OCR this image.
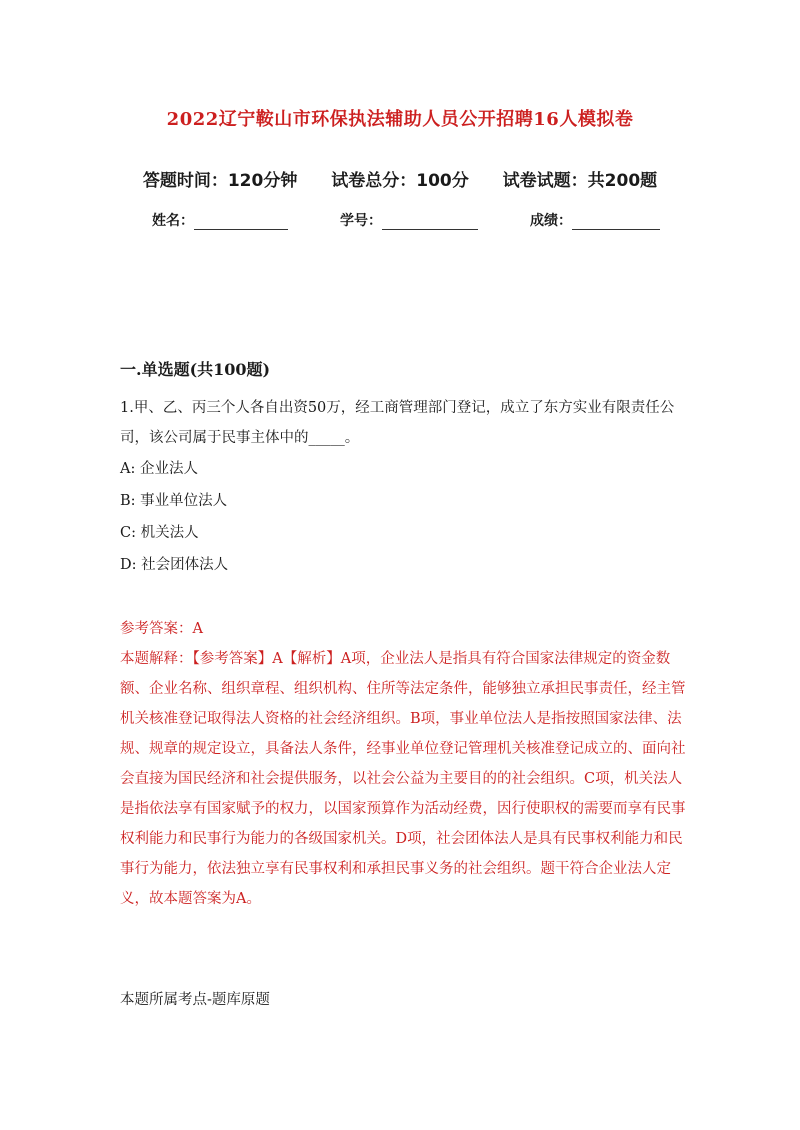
2022辽宁鞍山市环保执法辅助人员公开招聘16人模拟卷
答题时间：120分钟 试卷总分：100分 试卷试题：共200题
姓名：	学号：	成绩：
一.单选题(共100题)
1.甲、乙、丙三个人各自出资50万，经工商管理部门登记，成立了东方实业有限责任公司，该公司属于民事主体中的_____。
A: 企业法人
B: 事业单位法人
C: 机关法人
D: 社会团体法人
参考答案：A
本题解释：【参考答案】A【解析】A项，企业法人是指具有符合国家法律规定的资金数额、企业名称、组织章程、组织机构、住所等法定条件，能够独立承担民事责任，经主管机关核准登记取得法人资格的社会经济组织。B项，事业单位法人是指按照国家法律、法规、规章的规定设立，具备法人条件，经事业单位登记管理机关核准登记成立的、面向社会直接为国民经济和社会提供服务，以社会公益为主要目的的社会组织。C项，机关法人是指依法享有国家赋予的权力，以国家预算作为活动经费，因行使职权的需要而享有民事权利能力和民事行为能力的各级国家机关。D项，社会团体法人是具有民事权利能力和民事行为能力，依法独立享有民事权利和承担民事义务的社会组织。题干符合企业法人定义，故本题答案为A。
本题所属考点-题库原题
